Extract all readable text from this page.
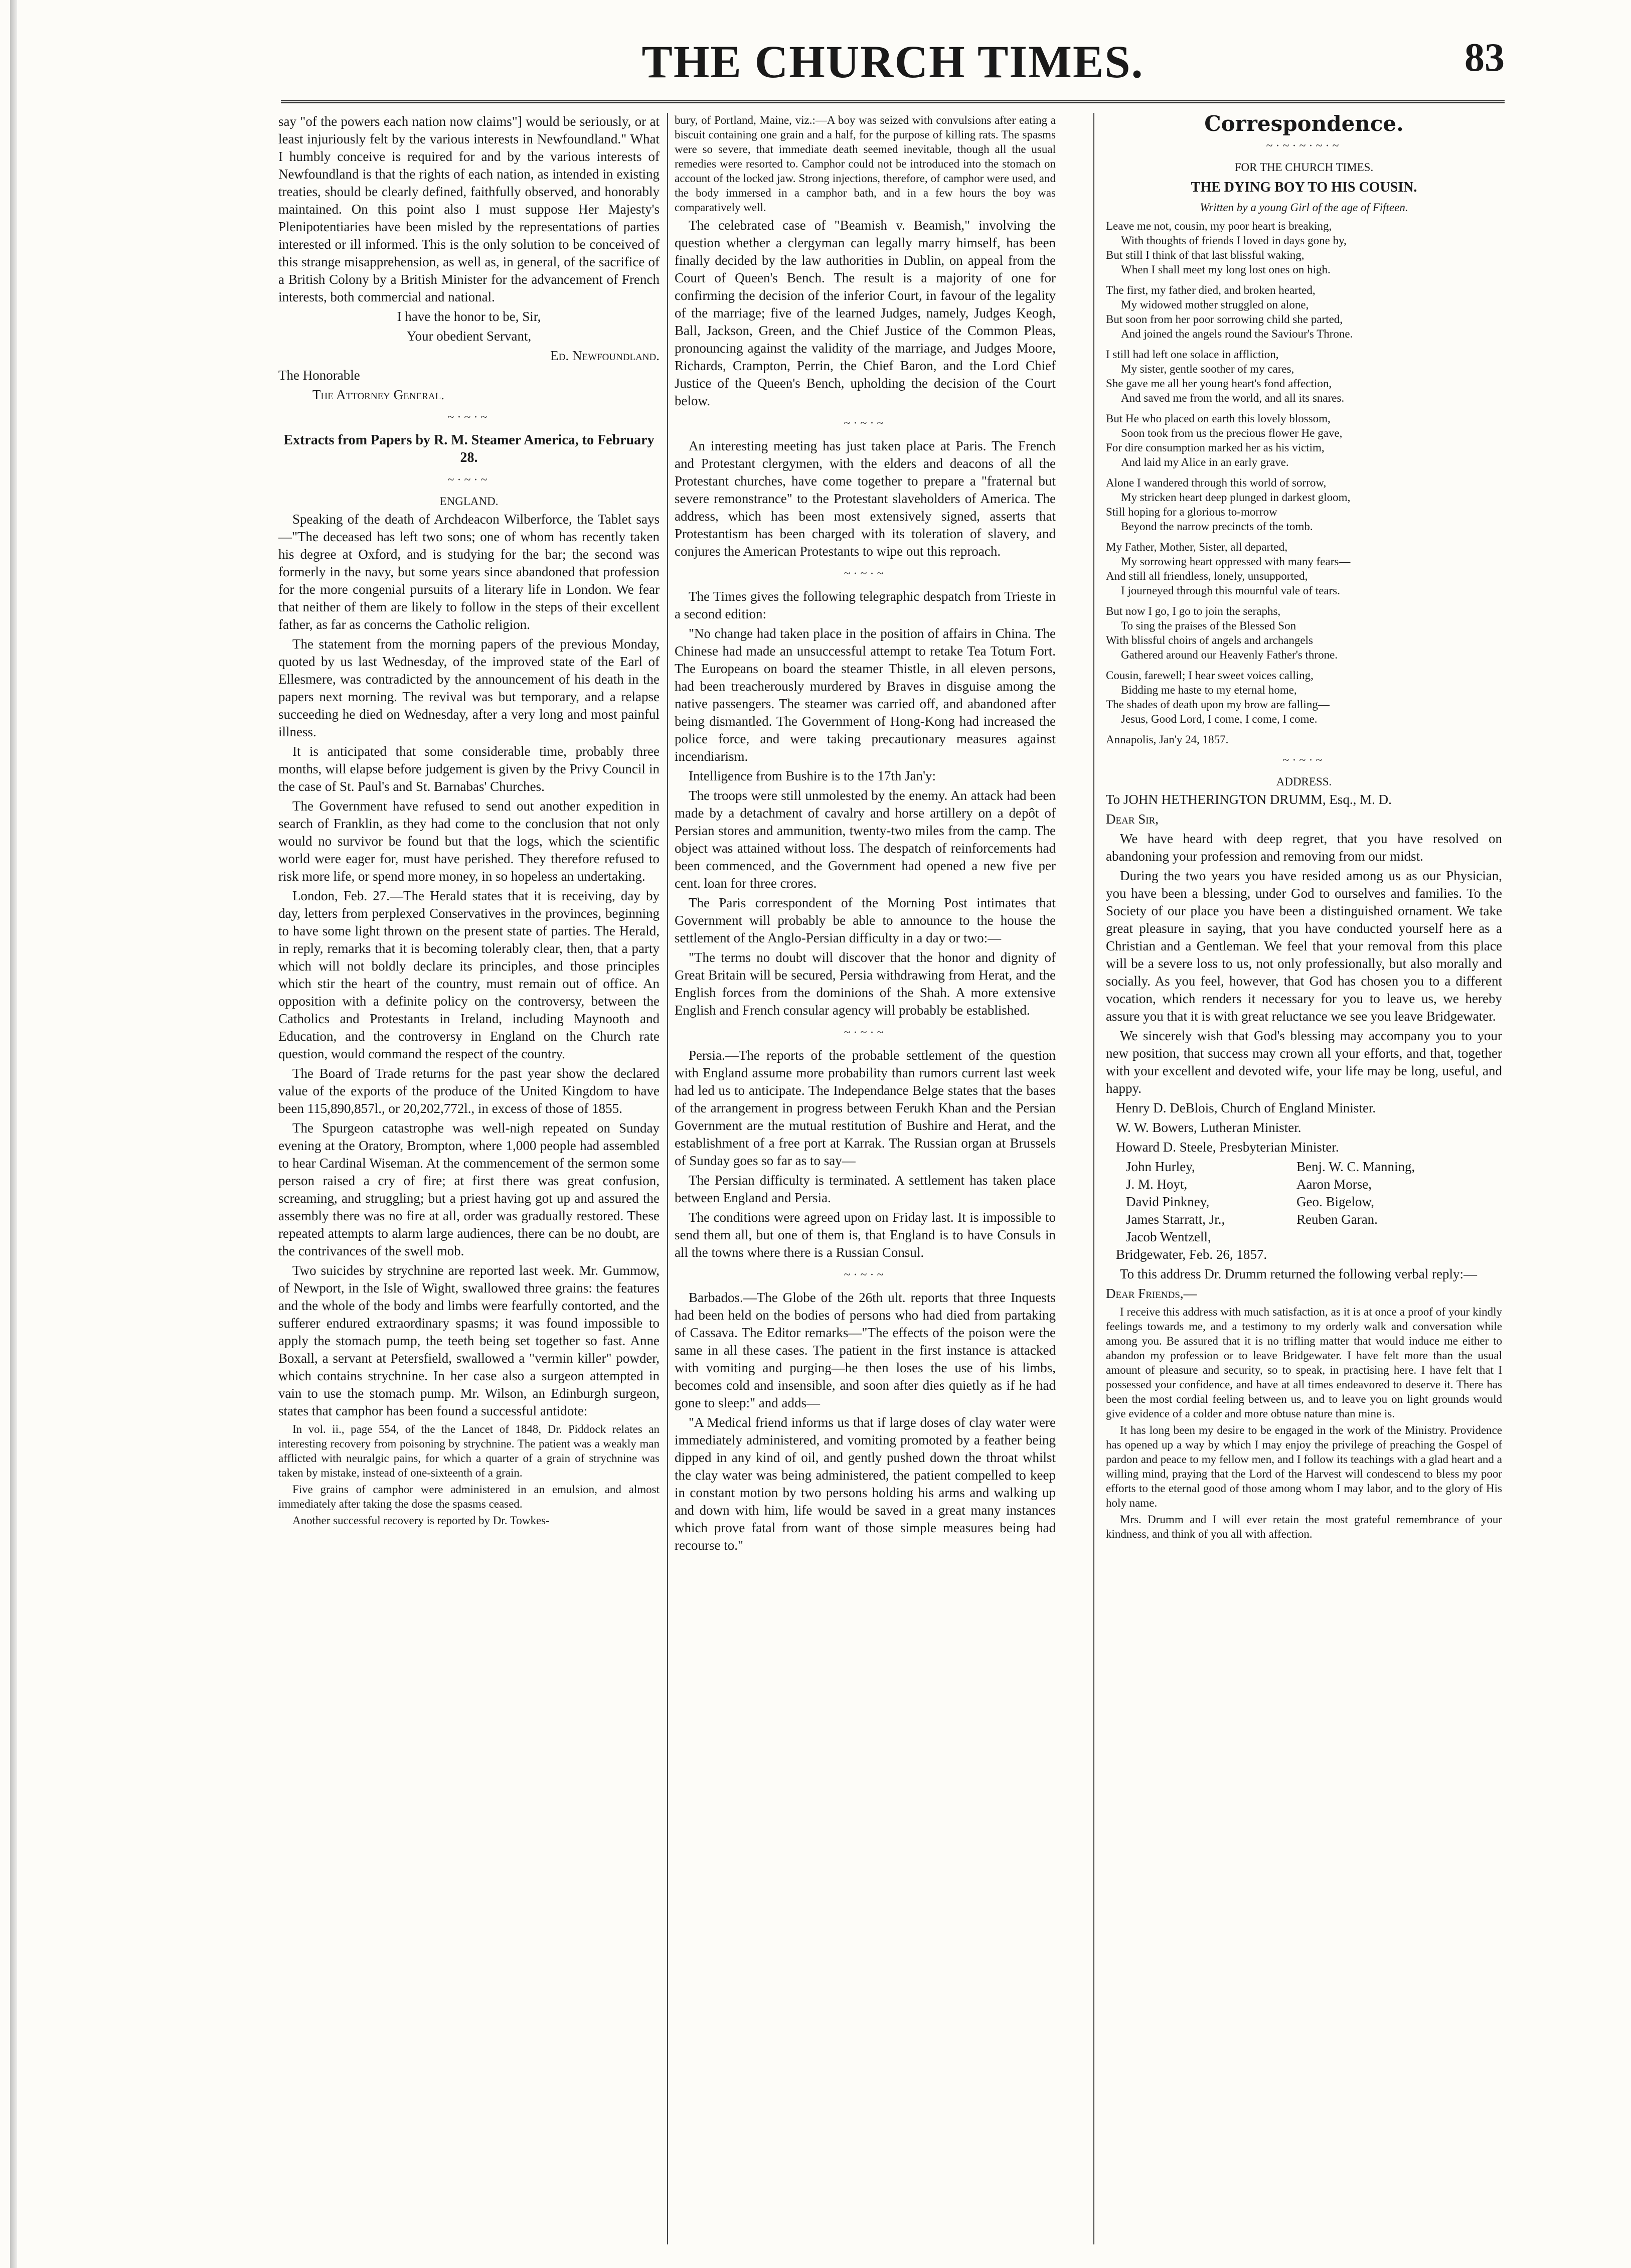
THE CHURCH TIMES.	83

say "of the powers each nation now claims"] would be seriously, or at least injuriously felt by the various interests in Newfoundland." What I humbly conceive is required for and by the various interests of Newfoundland is that the rights of each nation, as intended in existing treaties, should be clearly defined, faithfully observed, and honorably maintained. On this point also I must suppose Her Majesty's Plenipotentiaries have been misled by the representations of parties interested or ill informed. This is the only solution to be conceived of this strange misapprehension, as well as, in general, of the sacrifice of a British Colony by a British Minister for the advancement of French interests, both commercial and national.

I have the honor to be, Sir,

Your obedient Servant,

Ed. Newfoundland.

The Honorable

The Attorney General.

~·~·~

Extracts from Papers by R. M. Steamer America, to February 28.

~·~·~

ENGLAND.

Speaking of the death of Archdeacon Wilberforce, the Tablet says—"The deceased has left two sons; one of whom has recently taken his degree at Oxford, and is studying for the bar; the second was formerly in the navy, but some years since abandoned that profession for the more congenial pursuits of a literary life in London. We fear that neither of them are likely to follow in the steps of their excellent father, as far as concerns the Catholic religion.

The statement from the morning papers of the previous Monday, quoted by us last Wednesday, of the improved state of the Earl of Ellesmere, was contradicted by the announcement of his death in the papers next morning. The revival was but temporary, and a relapse succeeding he died on Wednesday, after a very long and most painful illness.

It is anticipated that some considerable time, probably three months, will elapse before judgement is given by the Privy Council in the case of St. Paul's and St. Barnabas' Churches.

The Government have refused to send out another expedition in search of Franklin, as they had come to the conclusion that not only would no survivor be found but that the logs, which the scientific world were eager for, must have perished. They therefore refused to risk more life, or spend more money, in so hopeless an undertaking.

London, Feb. 27.—The Herald states that it is receiving, day by day, letters from perplexed Conservatives in the provinces, beginning to have some light thrown on the present state of parties. The Herald, in reply, remarks that it is becoming tolerably clear, then, that a party which will not boldly declare its principles, and those principles which stir the heart of the country, must remain out of office. An opposition with a definite policy on the controversy, between the Catholics and Protestants in Ireland, including Maynooth and Education, and the controversy in England on the Church rate question, would command the respect of the country.

The Board of Trade returns for the past year show the declared value of the exports of the produce of the United Kingdom to have been 115,890,857l., or 20,202,772l., in excess of those of 1855.

The Spurgeon catastrophe was well-nigh repeated on Sunday evening at the Oratory, Brompton, where 1,000 people had assembled to hear Cardinal Wiseman. At the commencement of the sermon some person raised a cry of fire; at first there was great confusion, screaming, and struggling; but a priest having got up and assured the assembly there was no fire at all, order was gradually restored. These repeated attempts to alarm large audiences, there can be no doubt, are the contrivances of the swell mob.

Two suicides by strychnine are reported last week. Mr. Gummow, of Newport, in the Isle of Wight, swallowed three grains: the features and the whole of the body and limbs were fearfully contorted, and the sufferer endured extraordinary spasms; it was found impossible to apply the stomach pump, the teeth being set together so fast. Anne Boxall, a servant at Petersfield, swallowed a "vermin killer" powder, which contains strychnine. In her case also a surgeon attempted in vain to use the stomach pump. Mr. Wilson, an Edinburgh surgeon, states that camphor has been found a successful antidote:

In vol. ii., page 554, of the the Lancet of 1848, Dr. Piddock relates an interesting recovery from poisoning by strychnine. The patient was a weakly man afflicted with neuralgic pains, for which a quarter of a grain of strychnine was taken by mistake, instead of one-sixteenth of a grain.

Five grains of camphor were administered in an emulsion, and almost immediately after taking the dose the spasms ceased.

Another successful recovery is reported by Dr. Towkes-

bury, of Portland, Maine, viz.:—A boy was seized with convulsions after eating a biscuit containing one grain and a half, for the purpose of killing rats. The spasms were so severe, that immediate death seemed inevitable, though all the usual remedies were resorted to. Camphor could not be introduced into the stomach on account of the locked jaw. Strong injections, therefore, of camphor were used, and the body immersed in a camphor bath, and in a few hours the boy was comparatively well.

The celebrated case of "Beamish v. Beamish," involving the question whether a clergyman can legally marry himself, has been finally decided by the law authorities in Dublin, on appeal from the Court of Queen's Bench. The result is a majority of one for confirming the decision of the inferior Court, in favour of the legality of the marriage; five of the learned Judges, namely, Judges Keogh, Ball, Jackson, Green, and the Chief Justice of the Common Pleas, pronouncing against the validity of the marriage, and Judges Moore, Richards, Crampton, Perrin, the Chief Baron, and the Lord Chief Justice of the Queen's Bench, upholding the decision of the Court below.

~·~·~

An interesting meeting has just taken place at Paris. The French and Protestant clergymen, with the elders and deacons of all the Protestant churches, have come together to prepare a "fraternal but severe remonstrance" to the Protestant slaveholders of America. The address, which has been most extensively signed, asserts that Protestantism has been charged with its toleration of slavery, and conjures the American Protestants to wipe out this reproach.

~·~·~

The Times gives the following telegraphic despatch from Trieste in a second edition:

"No change had taken place in the position of affairs in China. The Chinese had made an unsuccessful attempt to retake Tea Totum Fort. The Europeans on board the steamer Thistle, in all eleven persons, had been treacherously murdered by Braves in disguise among the native passengers. The steamer was carried off, and abandoned after being dismantled. The Government of Hong-Kong had increased the police force, and were taking precautionary measures against incendiarism.

Intelligence from Bushire is to the 17th Jan'y:

The troops were still unmolested by the enemy. An attack had been made by a detachment of cavalry and horse artillery on a depôt of Persian stores and ammunition, twenty-two miles from the camp. The object was attained without loss. The despatch of reinforcements had been commenced, and the Government had opened a new five per cent. loan for three crores.

The Paris correspondent of the Morning Post intimates that Government will probably be able to announce to the house the settlement of the Anglo-Persian difficulty in a day or two:—

"The terms no doubt will discover that the honor and dignity of Great Britain will be secured, Persia withdrawing from Herat, and the English forces from the dominions of the Shah. A more extensive English and French consular agency will probably be established.

~·~·~

Persia.—The reports of the probable settlement of the question with England assume more probability than rumors current last week had led us to anticipate. The Independance Belge states that the bases of the arrangement in progress between Ferukh Khan and the Persian Government are the mutual restitution of Bushire and Herat, and the establishment of a free port at Karrak. The Russian organ at Brussels of Sunday goes so far as to say—

The Persian difficulty is terminated. A settlement has taken place between England and Persia.

The conditions were agreed upon on Friday last. It is impossible to send them all, but one of them is, that England is to have Consuls in all the towns where there is a Russian Consul.

~·~·~

Barbados.—The Globe of the 26th ult. reports that three Inquests had been held on the bodies of persons who had died from partaking of Cassava. The Editor remarks—"The effects of the poison were the same in all these cases. The patient in the first instance is attacked with vomiting and purging—he then loses the use of his limbs, becomes cold and insensible, and soon after dies quietly as if he had gone to sleep:" and adds—

"A Medical friend informs us that if large doses of clay water were immediately administered, and vomiting promoted by a feather being dipped in any kind of oil, and gently pushed down the throat whilst the clay water was being administered, the patient compelled to keep in constant motion by two persons holding his arms and walking up and down with him, life would be saved in a great many instances which prove fatal from want of those simple measures being had recourse to."

Correspondence.

~·~·~·~·~

FOR THE CHURCH TIMES.

THE DYING BOY TO HIS COUSIN.

Written by a young Girl of the age of Fifteen.

Leave me not, cousin, my poor heart is breaking,
With thoughts of friends I loved in days gone by,
But still I think of that last blissful waking,
When I shall meet my long lost ones on high.
The first, my father died, and broken hearted,
My widowed mother struggled on alone,
But soon from her poor sorrowing child she parted,
And joined the angels round the Saviour's Throne.
I still had left one solace in affliction,
My sister, gentle soother of my cares,
She gave me all her young heart's fond affection,
And saved me from the world, and all its snares.
But He who placed on earth this lovely blossom,
Soon took from us the precious flower He gave,
For dire consumption marked her as his victim,
And laid my Alice in an early grave.
Alone I wandered through this world of sorrow,
My stricken heart deep plunged in darkest gloom,
Still hoping for a glorious to-morrow
Beyond the narrow precincts of the tomb.
My Father, Mother, Sister, all departed,
My sorrowing heart oppressed with many fears—
And still all friendless, lonely, unsupported,
I journeyed through this mournful vale of tears.
But now I go, I go to join the seraphs,
To sing the praises of the Blessed Son
With blissful choirs of angels and archangels
Gathered around our Heavenly Father's throne.
Cousin, farewell; I hear sweet voices calling,
Bidding me haste to my eternal home,
The shades of death upon my brow are falling—
Jesus, Good Lord, I come, I come, I come.

Annapolis, Jan'y 24, 1857.

~·~·~

ADDRESS.

To JOHN HETHERINGTON DRUMM, Esq., M. D.

Dear Sir,

We have heard with deep regret, that you have resolved on abandoning your profession and removing from our midst.

During the two years you have resided among us as our Physician, you have been a blessing, under God to ourselves and families. To the Society of our place you have been a distinguished ornament. We take great pleasure in saying, that you have conducted yourself here as a Christian and a Gentleman. We feel that your removal from this place will be a severe loss to us, not only professionally, but also morally and socially. As you feel, however, that God has chosen you to a different vocation, which renders it necessary for you to leave us, we hereby assure you that it is with great reluctance we see you leave Bridgewater.

We sincerely wish that God's blessing may accompany you to your new position, that success may crown all your efforts, and that, together with your excellent and devoted wife, your life may be long, useful, and happy.

Henry D. DeBlois, Church of England Minister.

W. W. Bowers, Lutheran Minister.

Howard D. Steele, Presbyterian Minister.

John Hurley,	Benj. W. C. Manning,
J. M. Hoyt,	Aaron Morse,
David Pinkney,	Geo. Bigelow,
James Starratt, Jr.,	Reuben Garan.
Jacob Wentzell,

Bridgewater, Feb. 26, 1857.

To this address Dr. Drumm returned the following verbal reply:—

Dear Friends,—

I receive this address with much satisfaction, as it is at once a proof of your kindly feelings towards me, and a testimony to my orderly walk and conversation while among you. Be assured that it is no trifling matter that would induce me either to abandon my profession or to leave Bridgewater. I have felt more than the usual amount of pleasure and security, so to speak, in practising here. I have felt that I possessed your confidence, and have at all times endeavored to deserve it. There has been the most cordial feeling between us, and to leave you on light grounds would give evidence of a colder and more obtuse nature than mine is.

It has long been my desire to be engaged in the work of the Ministry. Providence has opened up a way by which I may enjoy the privilege of preaching the Gospel of pardon and peace to my fellow men, and I follow its teachings with a glad heart and a willing mind, praying that the Lord of the Harvest will condescend to bless my poor efforts to the eternal good of those among whom I may labor, and to the glory of His holy name.

Mrs. Drumm and I will ever retain the most grateful remembrance of your kindness, and think of you all with affection.
